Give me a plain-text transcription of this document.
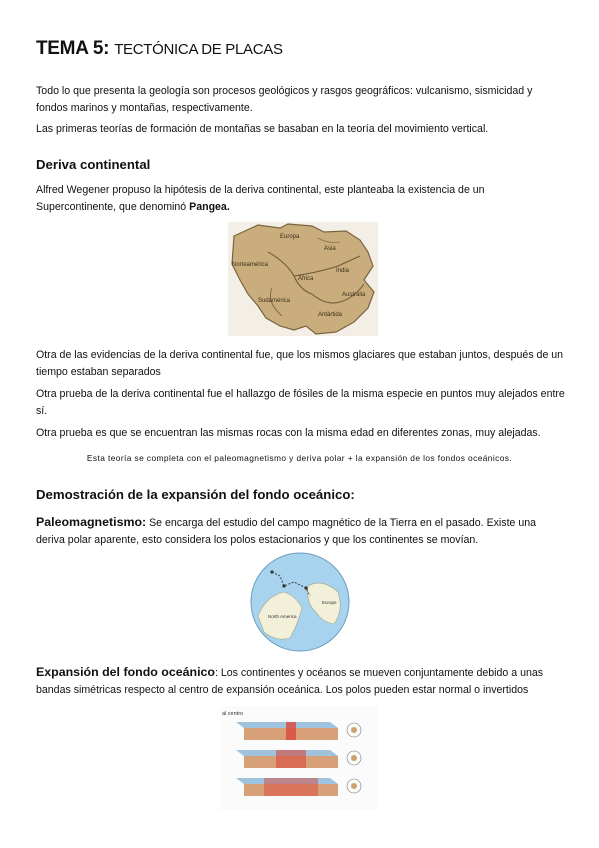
TEMA 5: TECTÓNICA DE PLACAS

Todo lo que presenta la geología son procesos geológicos y rasgos geográficos: vulcanismo, sismicidad y fondos marinos y montañas, respectivamente.

Las primeras teorías de formación de montañas se basaban en la teoría del movimiento vertical.

Deriva continental

Alfred Wegener propuso la hipótesis de la deriva continental, este planteaba la existencia de un Supercontinente, que denominó Pangea.

Europa
Norteamérica
Asia
África
India
Australia
Sudamérica
Antártida

Otra de las evidencias de la deriva continental fue, que los mismos glaciares que estaban juntos, después de un tiempo estaban separados

Otra prueba de la deriva continental fue el hallazgo de fósiles de la misma especie en puntos muy alejados entre sí.

Otra prueba es que se encuentran las mismas rocas con la misma edad en diferentes zonas, muy alejadas.

Esta teoría se completa con el paleomagnetismo y deriva polar + la expansión de los fondos oceánicos.

Demostración de la expansión del fondo oceánico:

Paleomagnetismo: Se encarga del estudio del campo magnético de la Tierra en el pasado. Existe una deriva polar aparente, esto considera los polos estacionarios y que los continentes se movían.

Europe
North America

Expansión del fondo oceánico: Los continentes y océanos se mueven conjuntamente debido a unas bandas simétricas respecto al centro de expansión oceánica. Los polos pueden estar normal o invertidos

al centro
